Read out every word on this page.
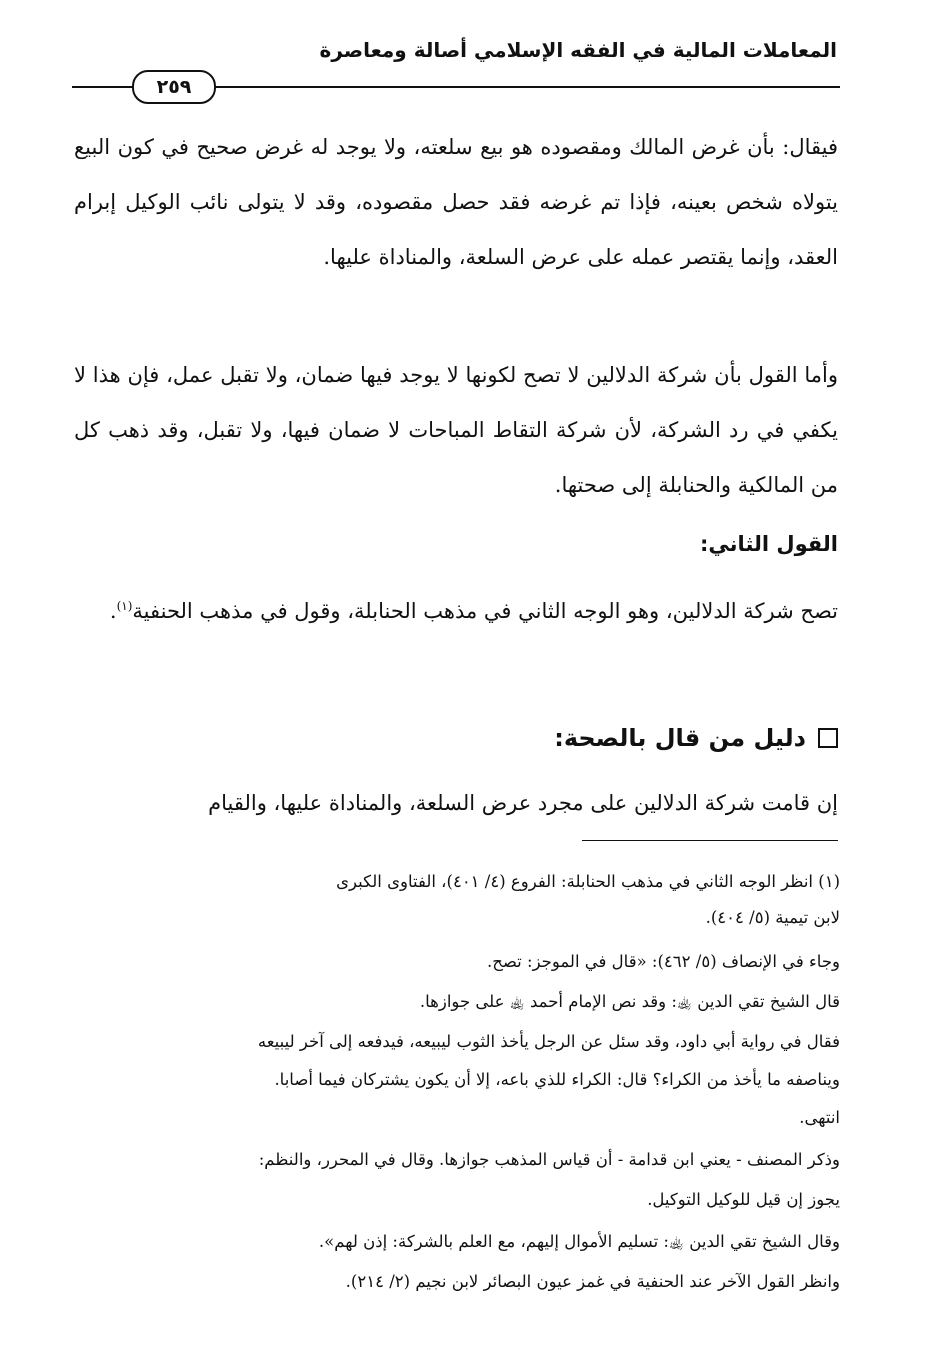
المعاملات المالية في الفقه الإسلامي أصالة ومعاصرة
٢٥٩
فيقال: بأن غرض المالك ومقصوده هو بيع سلعته، ولا يوجد له غرض صحيح في كون البيع يتولاه شخص بعينه، فإذا تم غرضه فقد حصل مقصوده، وقد لا يتولى نائب الوكيل إبرام العقد، وإنما يقتصر عمله على عرض السلعة، والمناداة عليها.
وأما القول بأن شركة الدلالين لا تصح لكونها لا يوجد فيها ضمان، ولا تقبل عمل، فإن هذا لا يكفي في رد الشركة، لأن شركة التقاط المباحات لا ضمان فيها، ولا تقبل، وقد ذهب كل من المالكية والحنابلة إلى صحتها.
القول الثاني:
تصح شركة الدلالين، وهو الوجه الثاني في مذهب الحنابلة، وقول في مذهب الحنفية$^{(١)}$.
دليل من قال بالصحة:
إن قامت شركة الدلالين على مجرد عرض السلعة، والمناداة عليها، والقيام
(١) انظر الوجه الثاني في مذهب الحنابلة: الفروع (٤/ ٤٠١)، الفتاوى الكبرى
لابن تيمية (٥/ ٤٠٤).
وجاء في الإنصاف (٥/ ٤٦٢): «قال في الموجز: تصح.
قال الشيخ تقي الدين ﵀: وقد نص الإمام أحمد ﵀ على جوازها.
فقال في رواية أبي داود، وقد سئل عن الرجل يأخذ الثوب ليبيعه، فيدفعه إلى آخر ليبيعه
ويناصفه ما يأخذ من الكراء؟ قال: الكراء للذي باعه، إلا أن يكون يشتركان فيما أصابا.
انتهى.
وذكر المصنف - يعني ابن قدامة - أن قياس المذهب جوازها. وقال في المحرر، والنظم:
يجوز إن قيل للوكيل التوكيل.
وقال الشيخ تقي الدين ﵀: تسليم الأموال إليهم، مع العلم بالشركة: إذن لهم».
وانظر القول الآخر عند الحنفية في غمز عيون البصائر لابن نجيم (٢/ ٢١٤).
